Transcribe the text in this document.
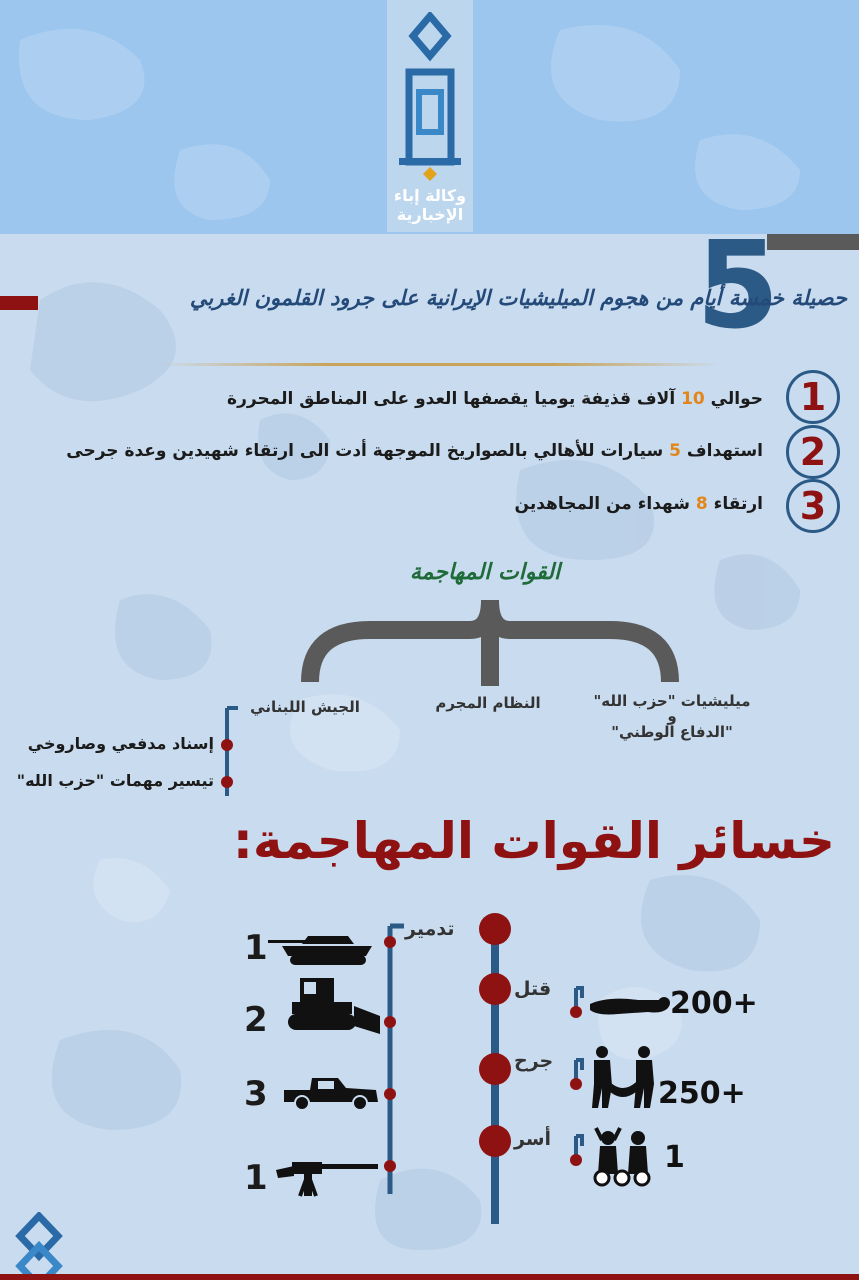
وكالة إباء
الإخبارية
5
حصيلة خمسة أيام من هجوم الميليشيات الإيرانية على جرود القلمون الغربي
1
حوالي 10 آلاف قذيفة يوميا يقصفها العدو على المناطق المحررة
2
استهداف 5 سيارات للأهالي بالصواريخ الموجهة أدت الى ارتقاء شهيدين وعدة جرحى
3
ارتقاء 8 شهداء من المجاهدين
القوات المهاجمة
ميليشيات "حزب الله"
و
"الدفاع الوطني"
النظام المجرم
الجيش اللبناني
إسناد مدفعي وصاروخي
تيسير مهمات "حزب الله"
خسائر القوات المهاجمة:
تدمير
1
2
3
1
قتل	200+
جرح
250+
أسر
1
